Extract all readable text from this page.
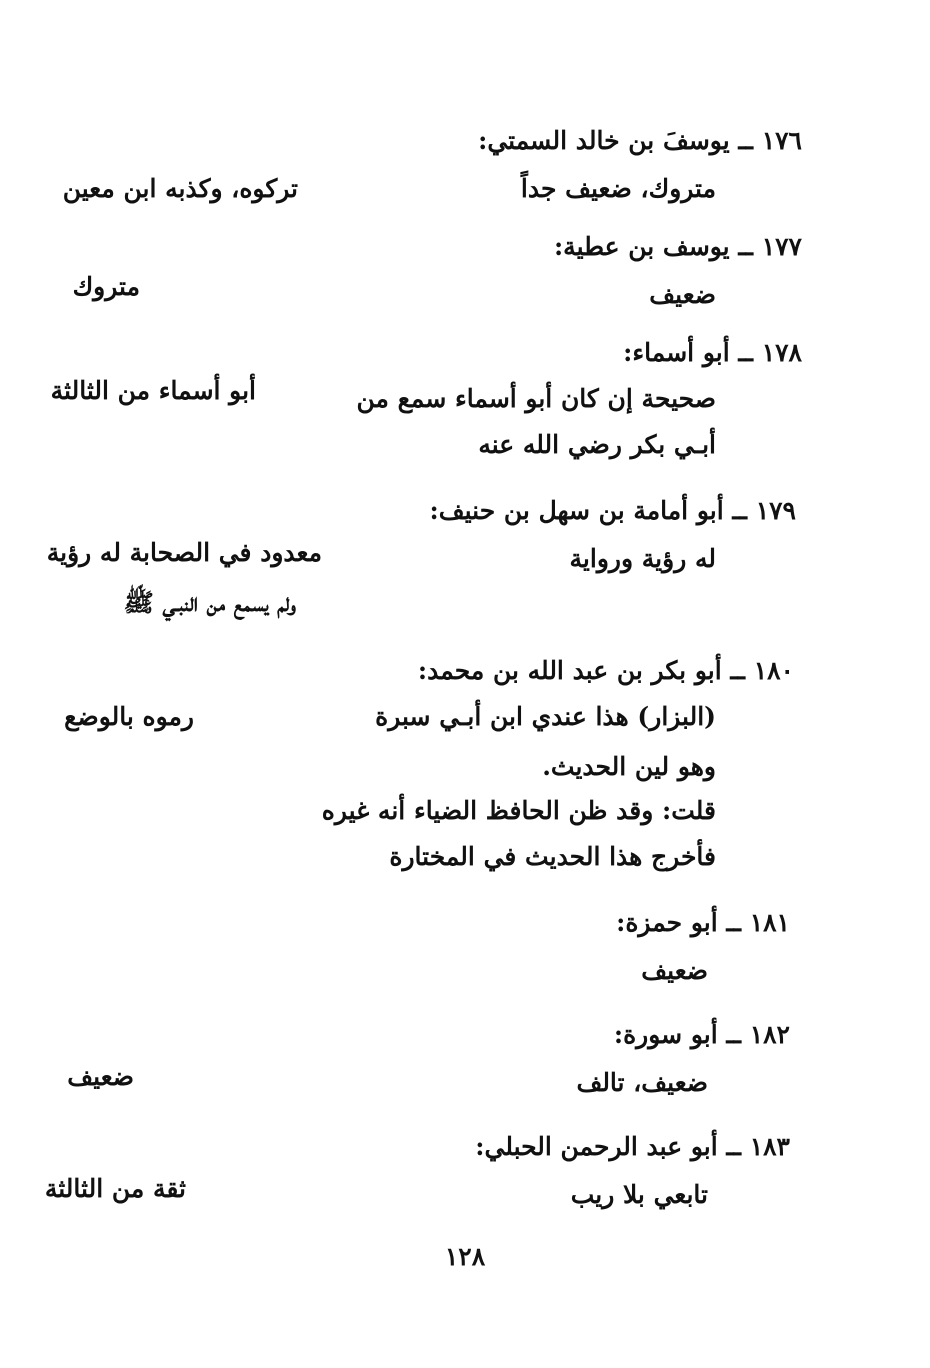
١٧٦ ــ يوسفَ بن خالد السمتي:
متروك، ضعيف جداً
تركوه، وكذبه ابن معين
١٧٧ ــ يوسف بن عطية:
ضعيف
متروك
١٧٨ ــ أبو أسماء:
صحيحة إن كان أبو أسماء سمع من
أبـي بكر رضي الله عنه
أبو أسماء من الثالثة
١٧٩ ــ أبو أمامة بن سهل بن حنيف:
له رؤية ورواية
معدود في الصحابة له رؤية
ولم يسمع من النبـي ﷺ
١٨٠ ــ أبو بكر بن عبد الله بن محمد:
(البزار) هذا عندي ابن أبـي سبرة
وهو لين الحديث.
قلت: وقد ظن الحافظ الضياء أنه غيره
فأخرج هذا الحديث في المختارة
رموه بالوضع
١٨١ ــ أبو حمزة:
ضعيف
١٨٢ ــ أبو سورة:
ضعيف، تالف
ضعيف
١٨٣ ــ أبو عبد الرحمن الحبلي:
تابعي بلا ريب
ثقة من الثالثة
١٢٨
